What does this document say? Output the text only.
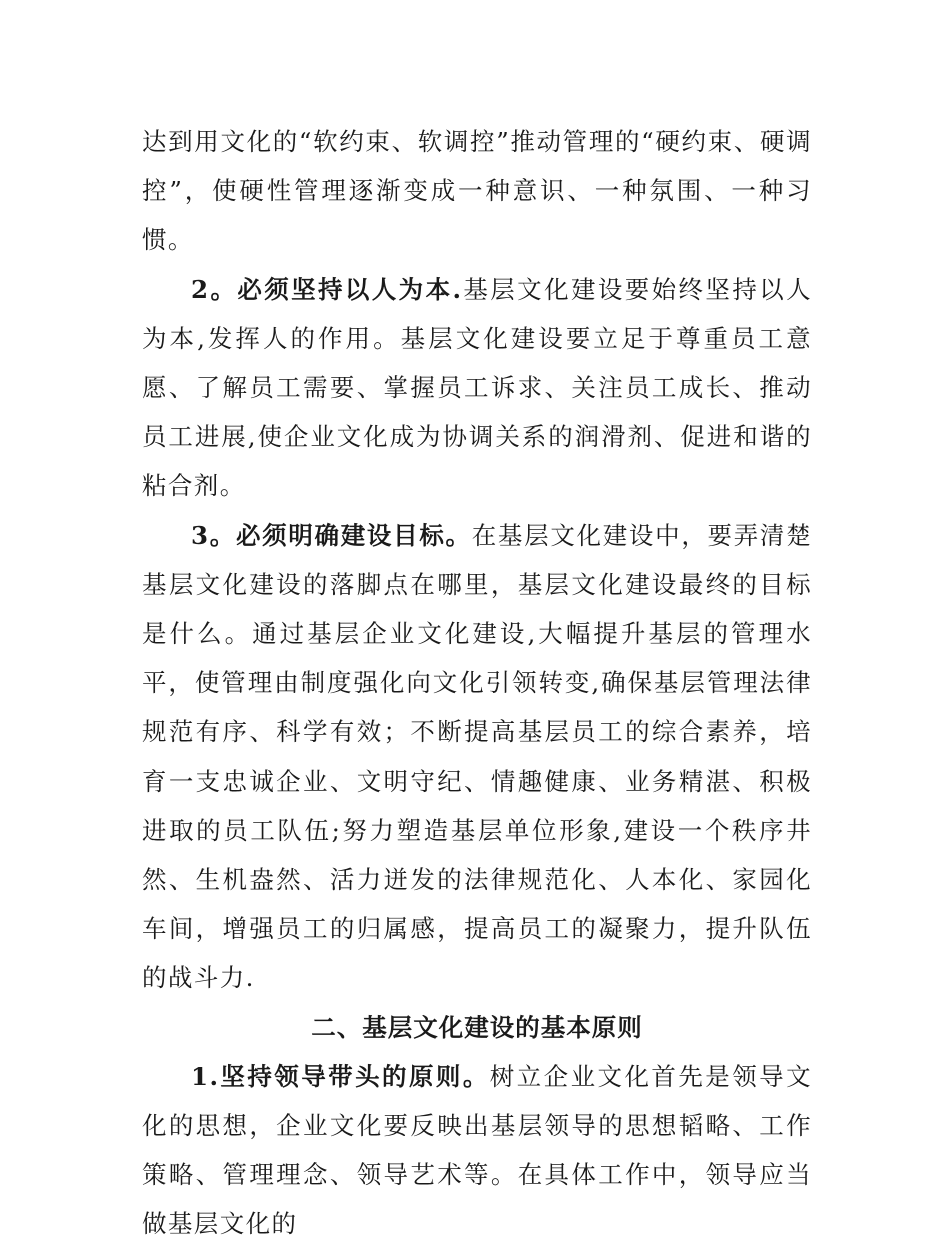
达到用文化的“软约束、软调控”推动管理的“硬约束、硬调控”，使硬性管理逐渐变成一种意识、一种氛围、一种习惯。

2。必须坚持以人为本.基层文化建设要始终坚持以人为本,发挥人的作用。基层文化建设要立足于尊重员工意愿、了解员工需要、掌握员工诉求、关注员工成长、推动员工进展,使企业文化成为协调关系的润滑剂、促进和谐的粘合剂。

3。必须明确建设目标。在基层文化建设中，要弄清楚基层文化建设的落脚点在哪里，基层文化建设最终的目标是什么。通过基层企业文化建设,大幅提升基层的管理水平，使管理由制度强化向文化引领转变,确保基层管理法律规范有序、科学有效；不断提高基层员工的综合素养，培育一支忠诚企业、文明守纪、情趣健康、业务精湛、积极进取的员工队伍;努力塑造基层单位形象,建设一个秩序井然、生机盎然、活力迸发的法律规范化、人本化、家园化车间，增强员工的归属感，提高员工的凝聚力，提升队伍的战斗力.

二、基层文化建设的基本原则

1.坚持领导带头的原则。树立企业文化首先是领导文化的思想，企业文化要反映出基层领导的思想韬略、工作策略、管理理念、领导艺术等。在具体工作中，领导应当做基层文化的
